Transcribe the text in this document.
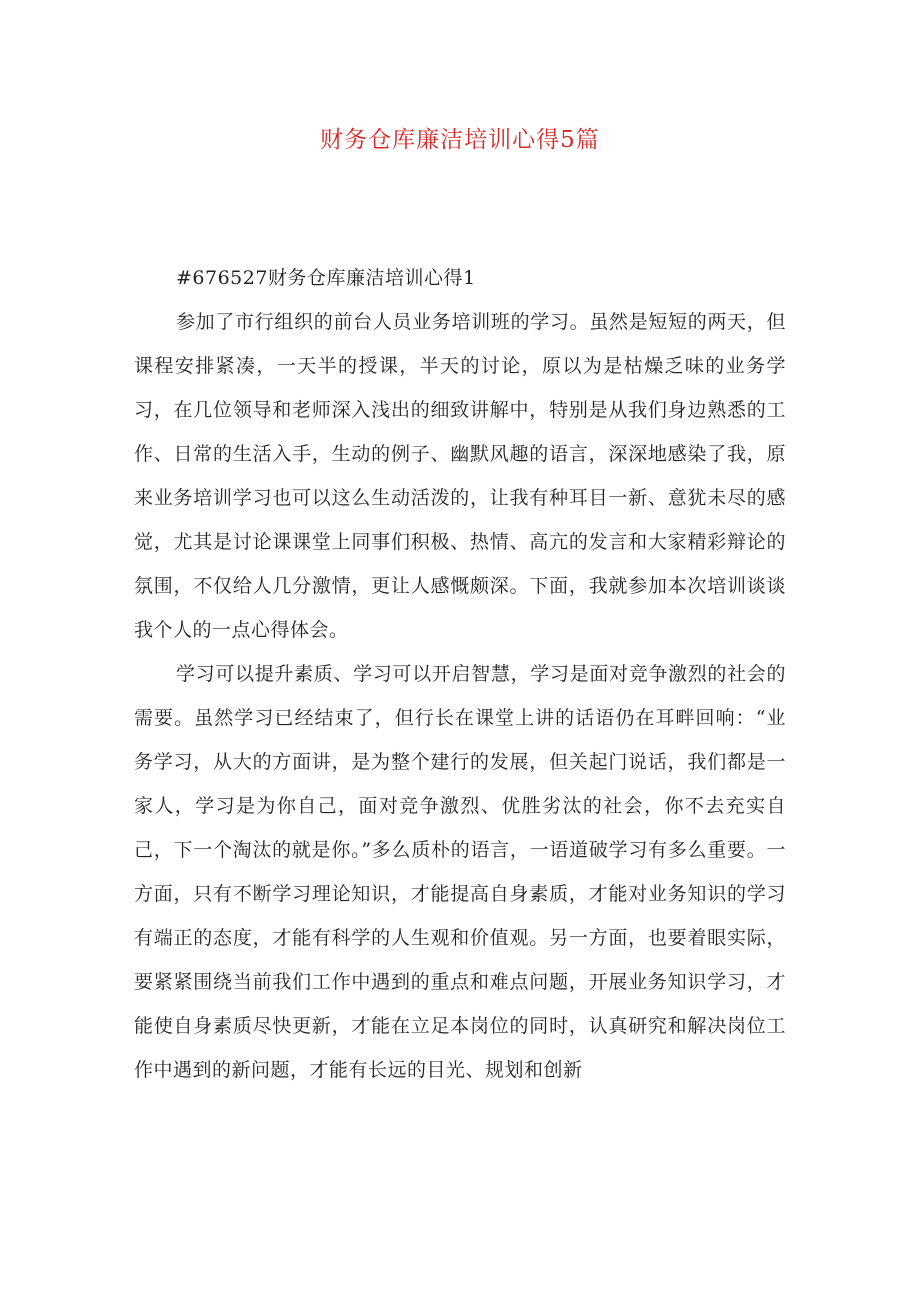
财务仓库廉洁培训心得5篇

#676527财务仓库廉洁培训心得1

参加了市行组织的前台人员业务培训班的学习。虽然是短短的两天，但课程安排紧凑，一天半的授课，半天的讨论，原以为是枯燥乏味的业务学习，在几位领导和老师深入浅出的细致讲解中，特别是从我们身边熟悉的工作、日常的生活入手，生动的例子、幽默风趣的语言，深深地感染了我，原来业务培训学习也可以这么生动活泼的，让我有种耳目一新、意犹未尽的感觉，尤其是讨论课课堂上同事们积极、热情、高亢的发言和大家精彩辩论的氛围，不仅给人几分激情，更让人感慨颇深。下面，我就参加本次培训谈谈我个人的一点心得体会。

学习可以提升素质、学习可以开启智慧，学习是面对竞争激烈的社会的需要。虽然学习已经结束了，但行长在课堂上讲的话语仍在耳畔回响：“业务学习，从大的方面讲，是为整个建行的发展，但关起门说话，我们都是一家人，学习是为你自己，面对竞争激烈、优胜劣汰的社会，你不去充实自己，下一个淘汰的就是你。”多么质朴的语言，一语道破学习有多么重要。一方面，只有不断学习理论知识，才能提高自身素质，才能对业务知识的学习有端正的态度，才能有科学的人生观和价值观。另一方面，也要着眼实际，要紧紧围绕当前我们工作中遇到的重点和难点问题，开展业务知识学习，才能使自身素质尽快更新，才能在立足本岗位的同时，认真研究和解决岗位工作中遇到的新问题，才能有长远的目光、规划和创新
